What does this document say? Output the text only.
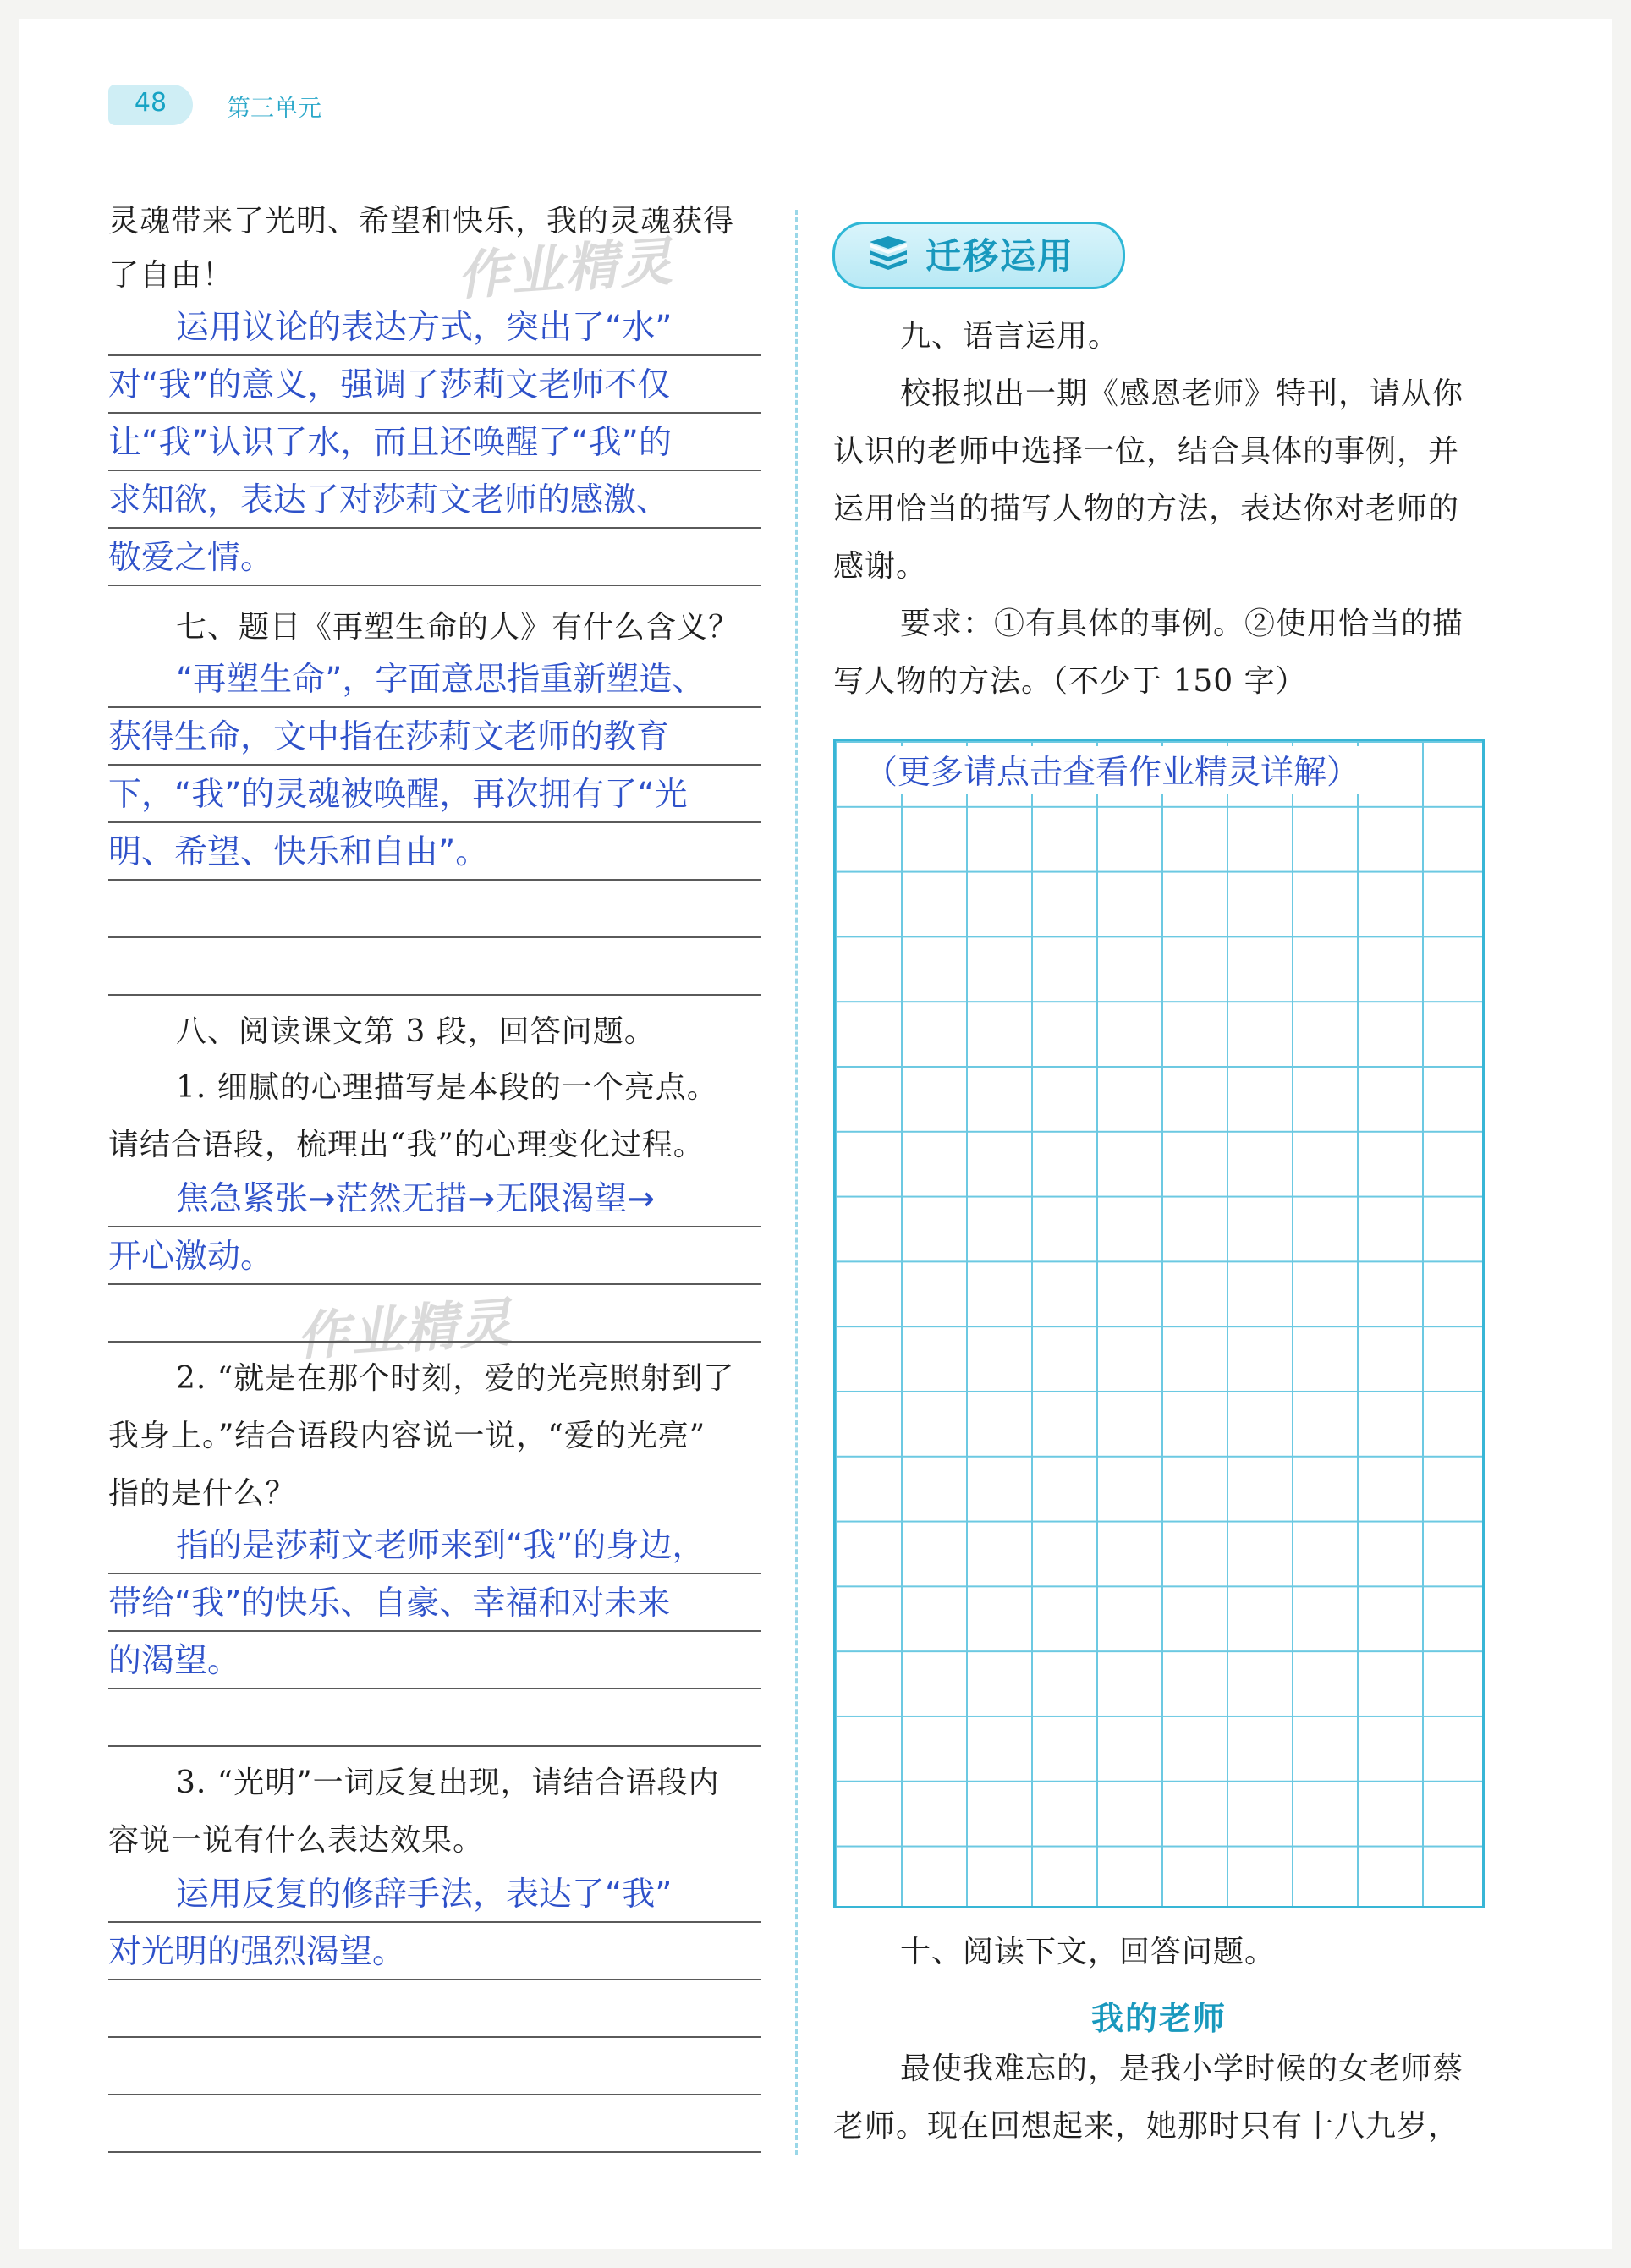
48	第三单元
作业精灵
作业精灵
灵魂带来了光明、希望和快乐，我的灵魂获得
了自由！
运用议论的表达方式，突出了“水”
对“我”的意义，强调了莎莉文老师不仅
让“我”认识了水，而且还唤醒了“我”的
求知欲，表达了对莎莉文老师的感激、
敬爱之情。
七、题目《再塑生命的人》有什么含义？
“再塑生命”，字面意思指重新塑造、
获得生命，文中指在莎莉文老师的教育
下，“我”的灵魂被唤醒，再次拥有了“光
明、希望、快乐和自由”。
八、阅读课文第 3 段，回答问题。
1. 细腻的心理描写是本段的一个亮点。
请结合语段，梳理出“我”的心理变化过程。
焦急紧张→茫然无措→无限渴望→
开心激动。
2. “就是在那个时刻，爱的光亮照射到了
我身上。”结合语段内容说一说，“爱的光亮”
指的是什么？
指的是莎莉文老师来到“我”的身边，
带给“我”的快乐、自豪、幸福和对未来
的渴望。
3. “光明”一词反复出现，请结合语段内
容说一说有什么表达效果。
运用反复的修辞手法，表达了“我”
对光明的强烈渴望。
迁移运用
九、语言运用。
校报拟出一期《感恩老师》特刊，请从你
认识的老师中选择一位，结合具体的事例，并
运用恰当的描写人物的方法，表达你对老师的
感谢。
要求：①有具体的事例。②使用恰当的描
写人物的方法。（不少于 150 字）
（更多请点击查看作业精灵详解）
十、阅读下文，回答问题。
我的老师
最使我难忘的，是我小学时候的女老师蔡
老师。现在回想起来，她那时只有十八九岁，
